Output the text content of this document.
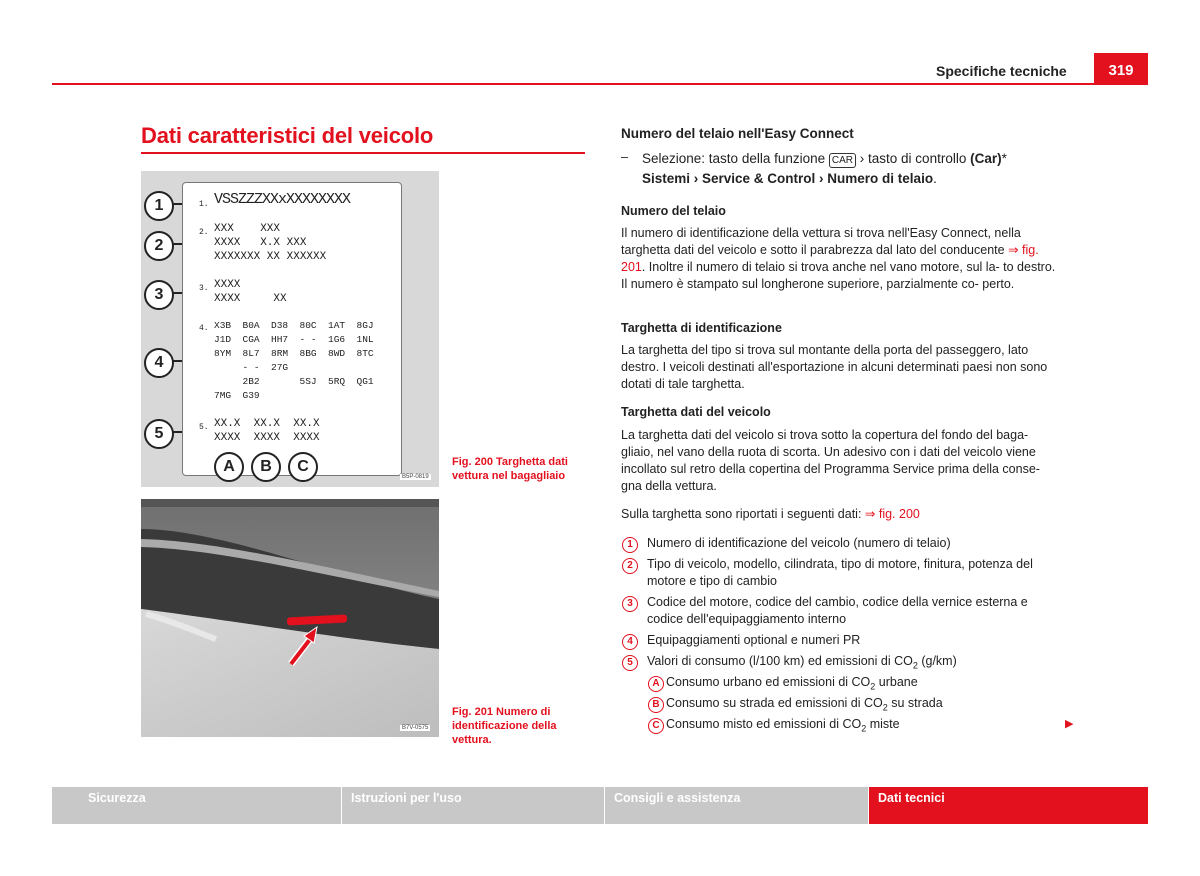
Specifiche tecniche	319
Dati caratteristici del veicolo
1. VSSZZZXXxXXXXXXXX
2. XXX    XXX
XXXX   X.X XXX
XXXXXXX XX XXXXXX
3. XXXX
XXXX     XX
4. X3B  B0A  D38  80C  1AT  8GJ
J1D  CGA  HH7  - -  1G6  1NL
8YM  8L7  8RM  8BG  8WD  8TC
- -  27G
2B2       5SJ  5RQ  QG1
7MG  G39
5. XX.X  XX.X  XX.X
XXXX  XXXX  XXXX
1
2
3
4
5
A	B	C
B5P-0819
Fig. 200 Targhetta dati vettura nel bagagliaio
B7V-0575
Fig. 201 Numero di identificazione della vettura.
Numero del telaio nell'Easy Connect
– Selezione: tasto della funzione CAR › tasto di controllo (Car)*
Sistemi › Service & Control › Numero di telaio.
Numero del telaio
Il numero di identificazione della vettura si trova nell'Easy Connect, nella targhetta dati del veicolo e sotto il parabrezza dal lato del conducente ⇒ fig. 201. Inoltre il numero di telaio si trova anche nel vano motore, sul la- to destro. Il numero è stampato sul longherone superiore, parzialmente co- perto.
Targhetta di identificazione
La targhetta del tipo si trova sul montante della porta del passeggero, lato destro. I veicoli destinati all'esportazione in alcuni determinati paesi non sono dotati di tale targhetta.
Targhetta dati del veicolo
La targhetta dati del veicolo si trova sotto la copertura del fondo del baga- gliaio, nel vano della ruota di scorta. Un adesivo con i dati del veicolo viene incollato sul retro della copertina del Programma Service prima della conse- gna della vettura.
Sulla targhetta sono riportati i seguenti dati: ⇒ fig. 200
1	Numero di identificazione del veicolo (numero di telaio)
2	Tipo di veicolo, modello, cilindrata, tipo di motore, finitura, potenza del motore e tipo di cambio
3	Codice del motore, codice del cambio, codice della vernice esterna e codice dell'equipaggiamento interno
4	Equipaggiamenti optional e numeri PR
5	Valori di consumo (l/100 km) ed emissioni di $CO_2$ (g/km)
A Consumo urbano ed emissioni di $CO_2$ urbane
B Consumo su strada ed emissioni di $CO_2$ su strada
C Consumo misto ed emissioni di $CO_2$ miste	▶
Sicurezza	Istruzioni per l'uso	Consigli e assistenza	Dati tecnici
